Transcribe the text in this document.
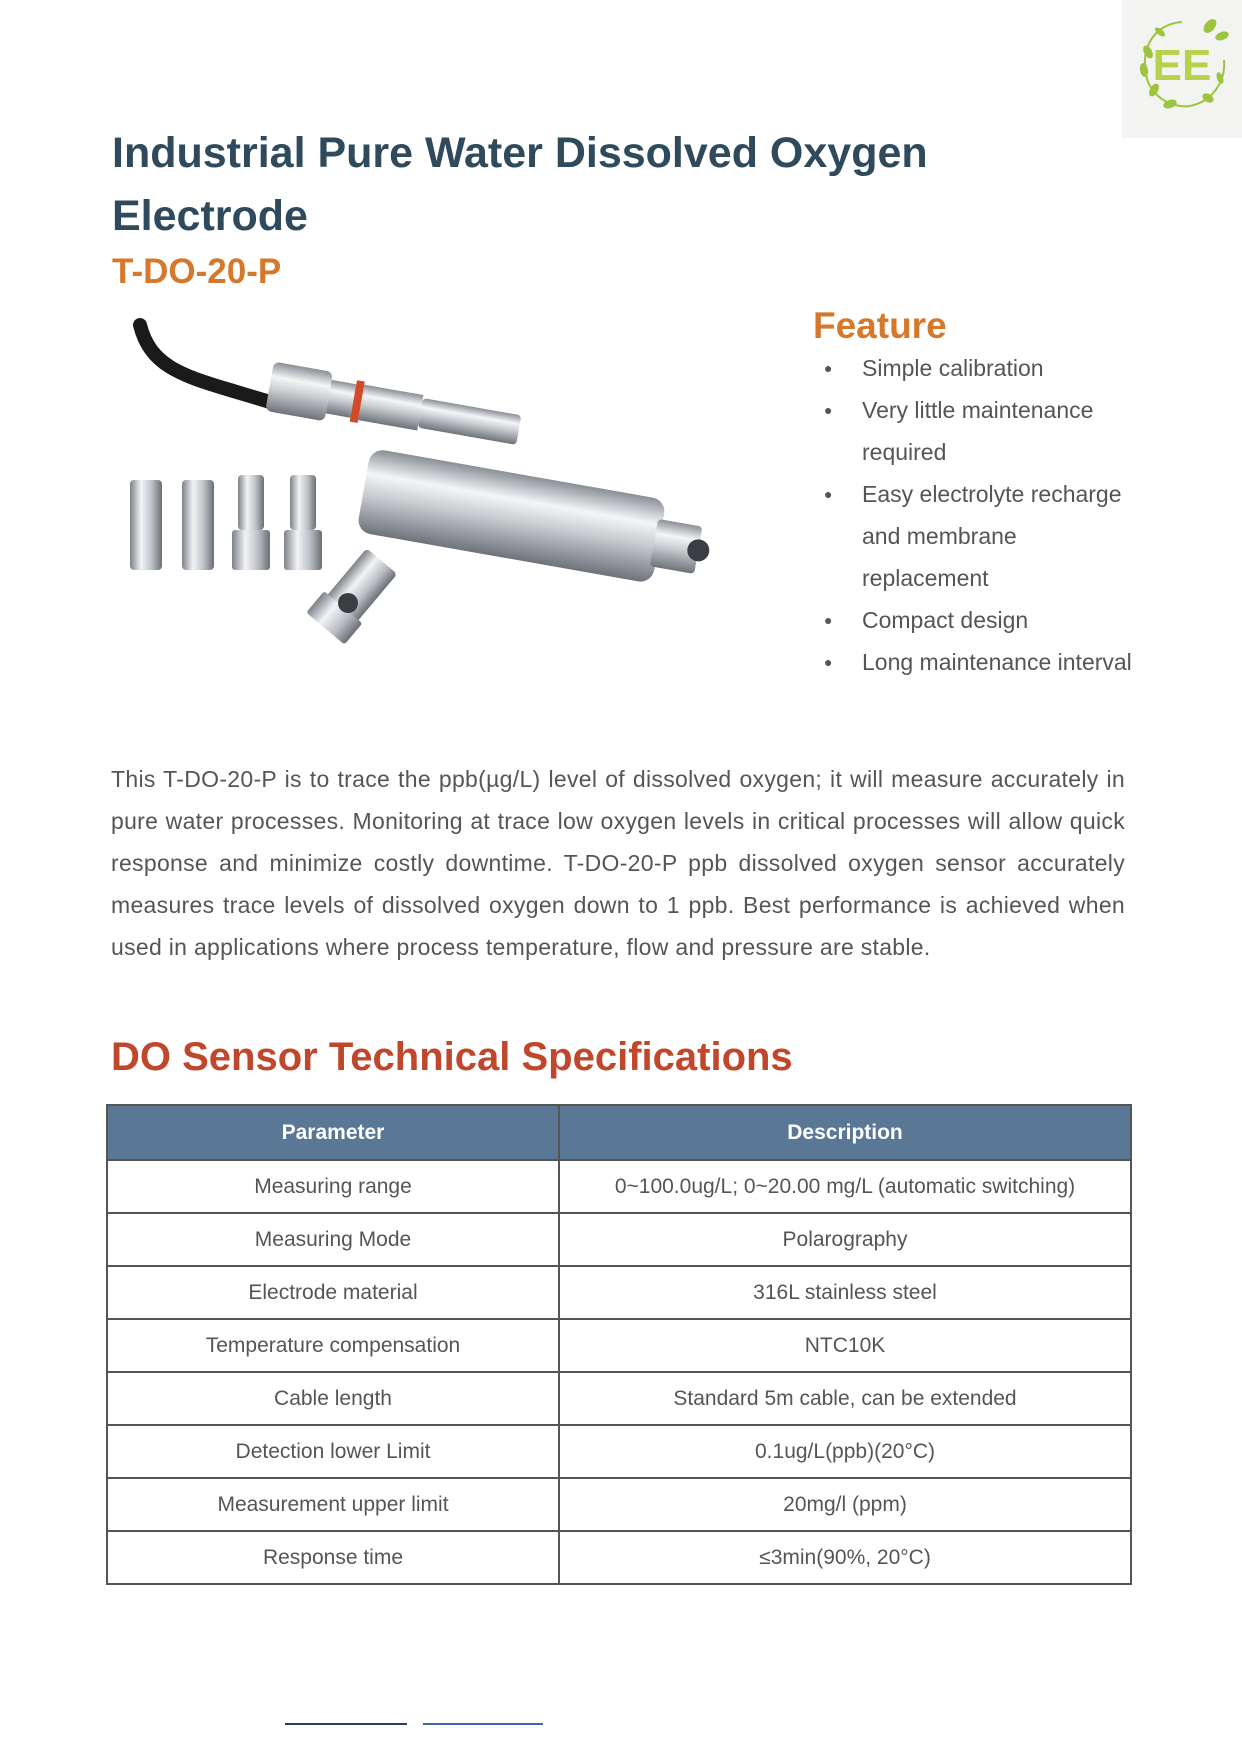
EE
Industrial Pure Water Dissolved Oxygen Electrode
T-DO-20-P
Feature
● Simple calibration
● Very little maintenance required
● Easy electrolyte recharge and membrane replacement
● Compact design
● Long maintenance interval

This T-DO-20-P is to trace the ppb(µg/L) level of dissolved oxygen; it will measure accurately in pure water processes. Monitoring at trace low oxygen levels in critical processes will allow quick response and minimize costly downtime. T-DO-20-P ppb dissolved oxygen sensor accurately measures trace levels of dissolved oxygen down to 1 ppb. Best performance is achieved when used in applications where process temperature, flow and pressure are stable.

DO Sensor Technical Specifications
Parameter	Description
Measuring range	0~100.0ug/L; 0~20.00 mg/L (automatic switching)
Measuring Mode	Polarography
Electrode material	316L stainless steel
Temperature compensation	NTC10K
Cable length	Standard 5m cable, can be extended
Detection lower Limit	0.1ug/L(ppb)(20°C)
Measurement upper limit	20mg/l (ppm)
Response time	≤3min(90%, 20°C)
